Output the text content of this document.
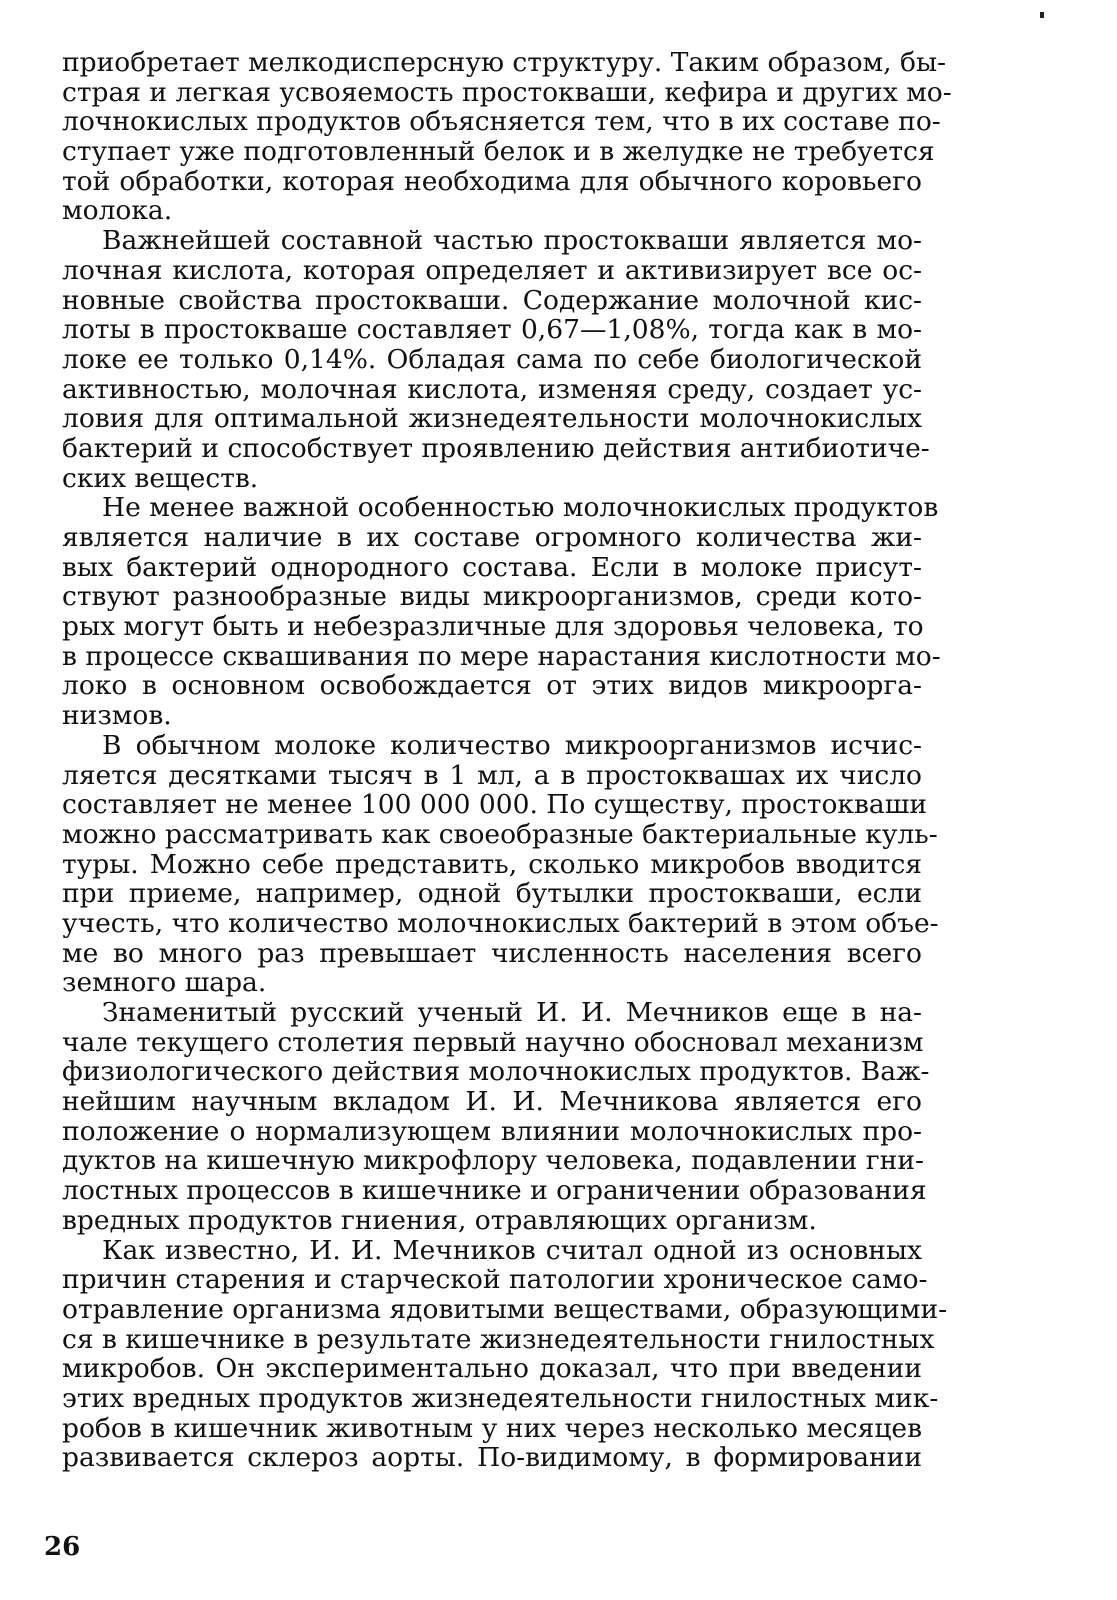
приобретает мелкодисперсную структуру. Таким образом, бы-
страя и легкая усвояемость простокваши, кефира и других мо-
лочнокислых продуктов объясняется тем, что в их составе по-
ступает уже подготовленный белок и в желудке не требуется
той обработки, которая необходима для обычного коровьего
молока.
Важнейшей составной частью простокваши является мо-
лочная кислота, которая определяет и активизирует все ос-
новные свойства простокваши. Содержание молочной кис-
лоты в простокваше составляет 0,67—1,08%, тогда как в мо-
локе ее только 0,14%. Обладая сама по себе биологической
активностью, молочная кислота, изменяя среду, создает ус-
ловия для оптимальной жизнедеятельности молочнокислых
бактерий и способствует проявлению действия антибиотиче-
ских веществ.
Не менее важной особенностью молочнокислых продуктов
является наличие в их составе огромного количества жи-
вых бактерий однородного состава. Если в молоке присут-
ствуют разнообразные виды микроорганизмов, среди кото-
рых могут быть и небезразличные для здоровья человека, то
в процессе сквашивания по мере нарастания кислотности мо-
локо в основном освобождается от этих видов микроорга-
низмов.
В обычном молоке количество микроорганизмов исчис-
ляется десятками тысяч в 1 мл, а в простоквашах их число
составляет не менее 100 000 000. По существу, простокваши
можно рассматривать как своеобразные бактериальные куль-
туры. Можно себе представить, сколько микробов вводится
при приеме, например, одной бутылки простокваши, если
учесть, что количество молочнокислых бактерий в этом объе-
ме во много раз превышает численность населения всего
земного шара.
Знаменитый русский ученый И. И. Мечников еще в на-
чале текущего столетия первый научно обосновал механизм
физиологического действия молочнокислых продуктов. Важ-
нейшим научным вкладом И. И. Мечникова является его
положение о нормализующем влиянии молочнокислых про-
дуктов на кишечную микрофлору человека, подавлении гни-
лостных процессов в кишечнике и ограничении образования
вредных продуктов гниения, отравляющих организм.
Как известно, И. И. Мечников считал одной из основных
причин старения и старческой патологии хроническое само-
отравление организма ядовитыми веществами, образующими-
ся в кишечнике в результате жизнедеятельности гнилостных
микробов. Он экспериментально доказал, что при введении
этих вредных продуктов жизнедеятельности гнилостных мик-
робов в кишечник животным у них через несколько месяцев
развивается склероз аорты. По-видимому, в формировании
26
